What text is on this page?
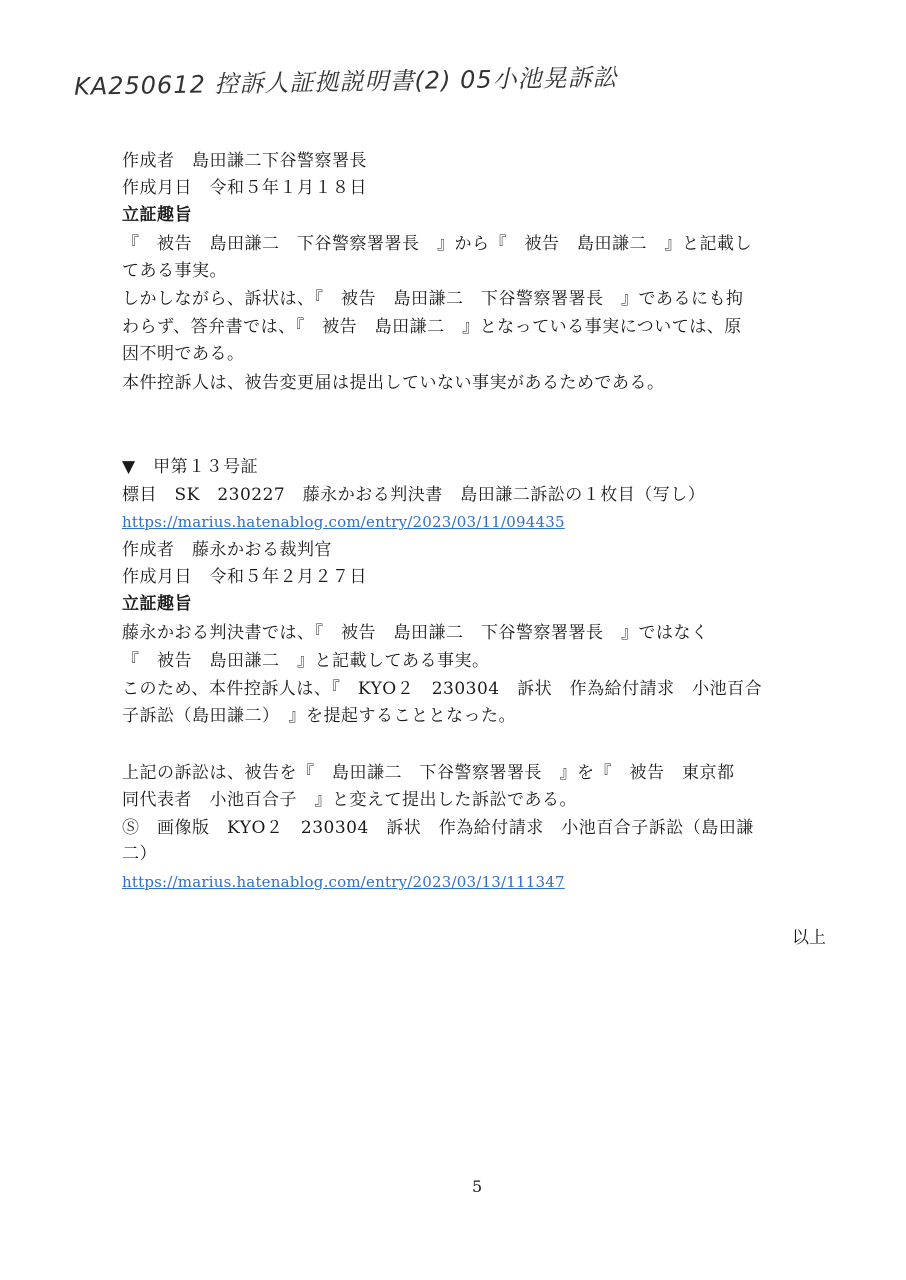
KA250612 控訴人証拠説明書(2) 05小池晃訴訟
作成者　島田謙二下谷警察署長
作成月日　令和５年１月１８日
立証趣旨
『　被告　島田謙二　下谷警察署署長　』から『　被告　島田謙二　』と記載し
てある事実。
しかしながら、訴状は、『　被告　島田謙二　下谷警察署署長　』であるにも拘
わらず、答弁書では、『　被告　島田謙二　』となっている事実については、原
因不明である。
本件控訴人は、被告変更届は提出していない事実があるためである。
▼　甲第１３号証
標目　SK　230227　藤永かおる判決書　島田謙二訴訟の１枚目（写し）
https://marius.hatenablog.com/entry/2023/03/11/094435
作成者　藤永かおる裁判官
作成月日　令和５年２月２７日
立証趣旨
藤永かおる判決書では、『　被告　島田謙二　下谷警察署署長　』ではなく
『　被告　島田謙二　』と記載してある事実。
このため、本件控訴人は、『　KYO２　230304　訴状　作為給付請求　小池百合
子訴訟（島田謙二）　』を提起することとなった。
上記の訴訟は、被告を『　島田謙二　下谷警察署署長　』を『　被告　東京都
同代表者　小池百合子　』と変えて提出した訴訟である。
Ⓢ　画像版　KYO２　230304　訴状　作為給付請求　小池百合子訴訟（島田謙
二）
https://marius.hatenablog.com/entry/2023/03/13/111347
以上
5
